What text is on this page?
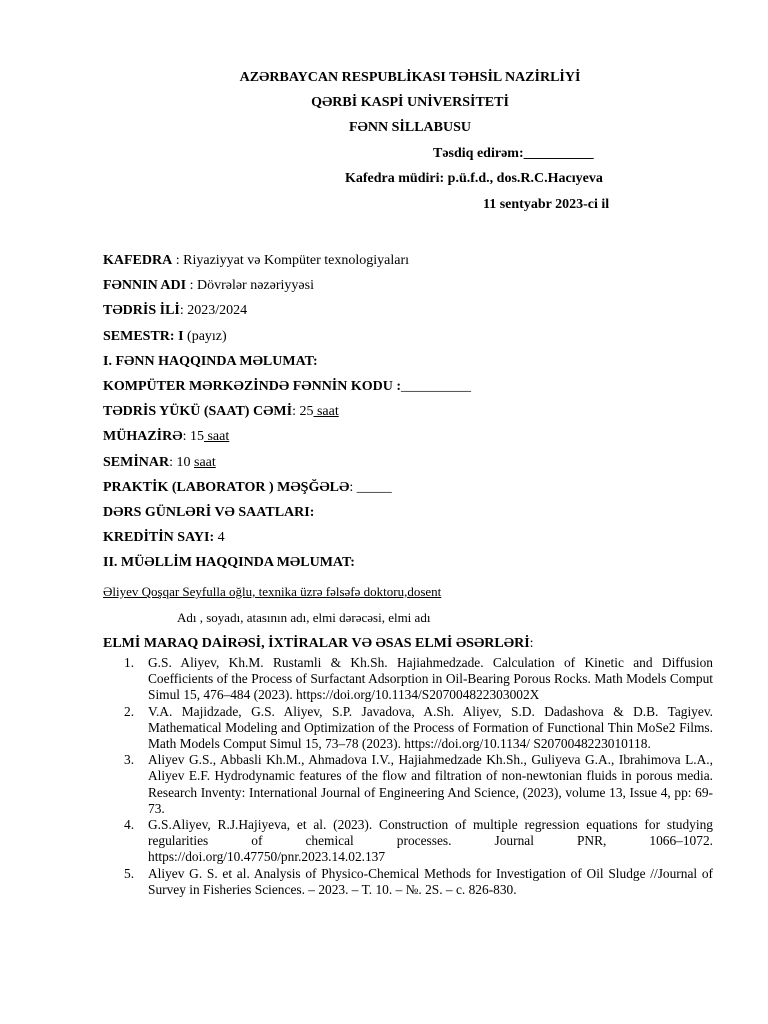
AZƏRBAYCAN RESPUBLİKASI TƏHSİL NAZİRLİYİ
QƏRBİ KASPİ UNİVERSİTETİ
FƏNN SİLLABUSU
Təsdiq edirəm:__________
Kafedra müdiri: p.ü.f.d., dos.R.C.Hacıyeva
11 sentyabr 2023-ci il
KAFEDRA : Riyaziyyat və Kompüter texnologiyaları
FƏNNIN ADI : Dövrələr nəzəriyyəsi
TƏDRİS İLİ: 2023/2024
SEMESTR: I (payız)
I. FƏNN HAQQINDA MƏLUMAT:
KOMPÜTER MƏRKƏZİNDƏ FƏNNİN KODU :__________
TƏDRİS YÜKÜ (SAAT) CƏMİ: 25 saat
MÜHAZİRƏ: 15 saat
SEMİNAR: 10 saat
PRAKTİK (LABORATOR ) MƏŞĞƏLƏ: _____
DƏRS GÜNLƏRİ VƏ SAATLARI:
KREDİTİN SAYI: 4
II. MÜƏLLİM HAQQINDA MƏLUMAT:
Əliyev Qoşqar Seyfulla oğlu, texnika üzrə fəlsəfə doktoru,dosent
Adı , soyadı, atasının adı, elmi dərəcəsi, elmi adı
ELMİ MARAQ DAİRƏSİ, İXTİRALAR VƏ ƏSAS ELMİ ƏSƏRLƏRİ:
1. G.S. Aliyev, Kh.M. Rustamli & Kh.Sh. Hajiahmedzade. Calculation of Kinetic and Diffusion Coefficients of the Process of Surfactant Adsorption in Oil-Bearing Porous Rocks. Math Models Comput Simul 15, 476–484 (2023). https://doi.org/10.1134/S207004822303002X
2. V.A. Majidzade, G.S. Aliyev, S.P. Javadova, A.Sh. Aliyev, S.D. Dadashova & D.B. Tagiyev. Mathematical Modeling and Optimization of the Process of Formation of Functional Thin MoSe2 Films. Math Models Comput Simul 15, 73–78 (2023). https://doi.org/10.1134/ S2070048223010118.
3. Aliyev G.S., Abbasli Kh.M., Ahmadova I.V., Hajiahmedzade Kh.Sh., Guliyeva G.A., Ibrahimova L.A., Aliyev E.F. Hydrodynamic features of the flow and filtration of non-newtonian fluids in porous media. Research Inventy: International Journal of Engineering And Science, (2023), volume 13, Issue 4, pp: 69-73.
4. G.S.Aliyev, R.J.Hajiyeva, et al. (2023). Construction of multiple regression equations for studying regularities of chemical processes. Journal PNR, 1066–1072. https://doi.org/10.47750/pnr.2023.14.02.137
5. Aliyev G. S. et al. Analysis of Physico-Chemical Methods for Investigation of Oil Sludge //Journal of Survey in Fisheries Sciences. – 2023. – T. 10. – №. 2S. – c. 826-830.
